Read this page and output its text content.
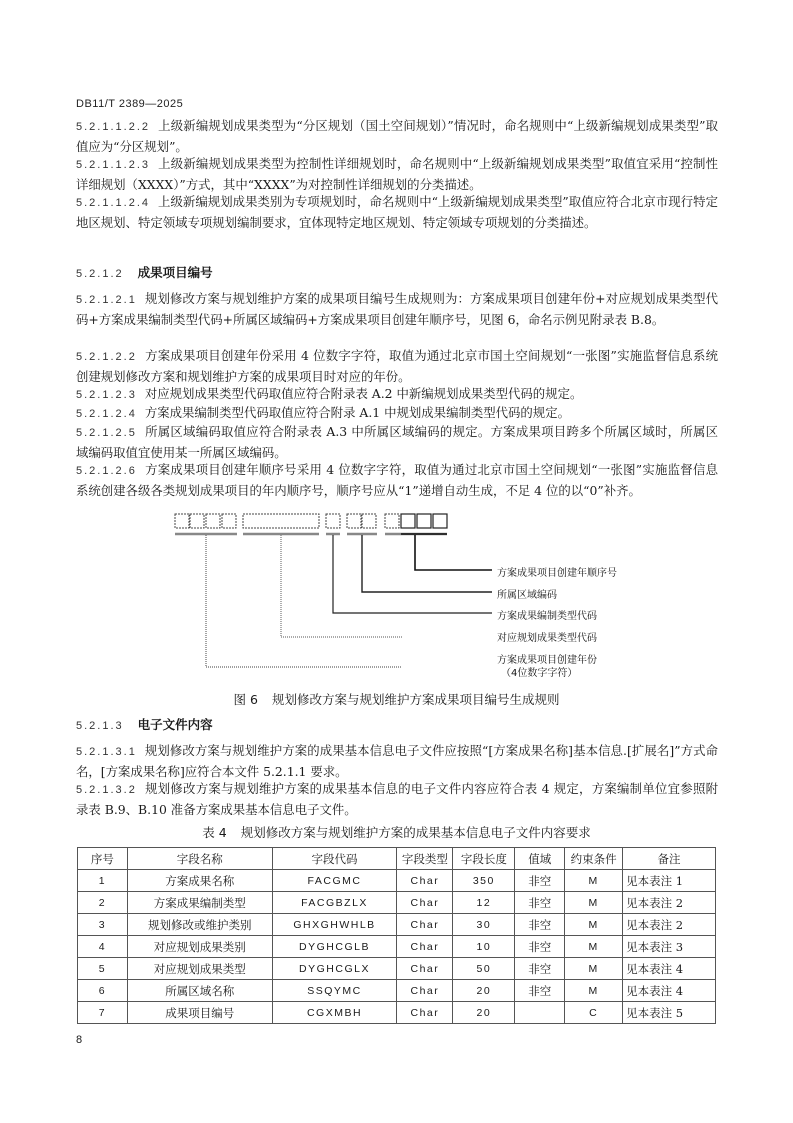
DB11/T 2389—2025
5.2.1.1.2.2 上级新编规划成果类型为“分区规划（国土空间规划）”情况时，命名规则中“上级新编规划成果类型”取值应为“分区规划”。
5.2.1.1.2.3 上级新编规划成果类型为控制性详细规划时，命名规则中“上级新编规划成果类型”取值宜采用“控制性详细规划（XXXX）”方式，其中“XXXX”为对控制性详细规划的分类描述。
5.2.1.1.2.4 上级新编规划成果类别为专项规划时，命名规则中“上级新编规划成果类型”取值应符合北京市现行特定地区规划、特定领域专项规划编制要求，宜体现特定地区规划、特定领域专项规划的分类描述。
5.2.1.2 成果项目编号
5.2.1.2.1 规划修改方案与规划维护方案的成果项目编号生成规则为：方案成果项目创建年份+对应规划成果类型代码+方案成果编制类型代码+所属区域编码+方案成果项目创建年顺序号，见图 6，命名示例见附录表 B.8。
5.2.1.2.2 方案成果项目创建年份采用 4 位数字字符，取值为通过北京市国土空间规划“一张图”实施监督信息系统创建规划修改方案和规划维护方案的成果项目时对应的年份。
5.2.1.2.3 对应规划成果类型代码取值应符合附录表 A.2 中新编规划成果类型代码的规定。
5.2.1.2.4 方案成果编制类型代码取值应符合附录 A.1 中规划成果编制类型代码的规定。
5.2.1.2.5 所属区域编码取值应符合附录表 A.3 中所属区域编码的规定。方案成果项目跨多个所属区域时，所属区域编码取值宜使用某一所属区域编码。
5.2.1.2.6 方案成果项目创建年顺序号采用 4 位数字字符，取值为通过北京市国土空间规划“一张图”实施监督信息系统创建各级各类规划成果项目的年内顺序号，顺序号应从“1”递增自动生成，不足 4 位的以“0”补齐。
方案成果项目创建年顺序号
所属区域编码
方案成果编制类型代码
对应规划成果类型代码
方案成果项目创建年份
（4位数字字符）
图 6 规划修改方案与规划维护方案成果项目编号生成规则
5.2.1.3 电子文件内容
5.2.1.3.1 规划修改方案与规划维护方案的成果基本信息电子文件应按照“[方案成果名称]基本信息.[扩展名]”方式命名，[方案成果名称]应符合本文件 5.2.1.1 要求。
5.2.1.3.2 规划修改方案与规划维护方案的成果基本信息的电子文件内容应符合表 4 规定，方案编制单位宜参照附录表 B.9、B.10 准备方案成果基本信息电子文件。
表 4 规划修改方案与规划维护方案的成果基本信息电子文件内容要求
序号	字段名称	字段代码	字段类型	字段长度	值域	约束条件	备注
1	方案成果名称	FACGMC	Char	350	非空	M	见本表注 1
2	方案成果编制类型	FACGBZLX	Char	12	非空	M	见本表注 2
3	规划修改或维护类别	GHXGHWHLB	Char	30	非空	M	见本表注 2
4	对应规划成果类别	DYGHCGLB	Char	10	非空	M	见本表注 3
5	对应规划成果类型	DYGHCGLX	Char	50	非空	M	见本表注 4
6	所属区域名称	SSQYMC	Char	20	非空	M	见本表注 4
7	成果项目编号	CGXMBH	Char	20		C	见本表注 5
8
